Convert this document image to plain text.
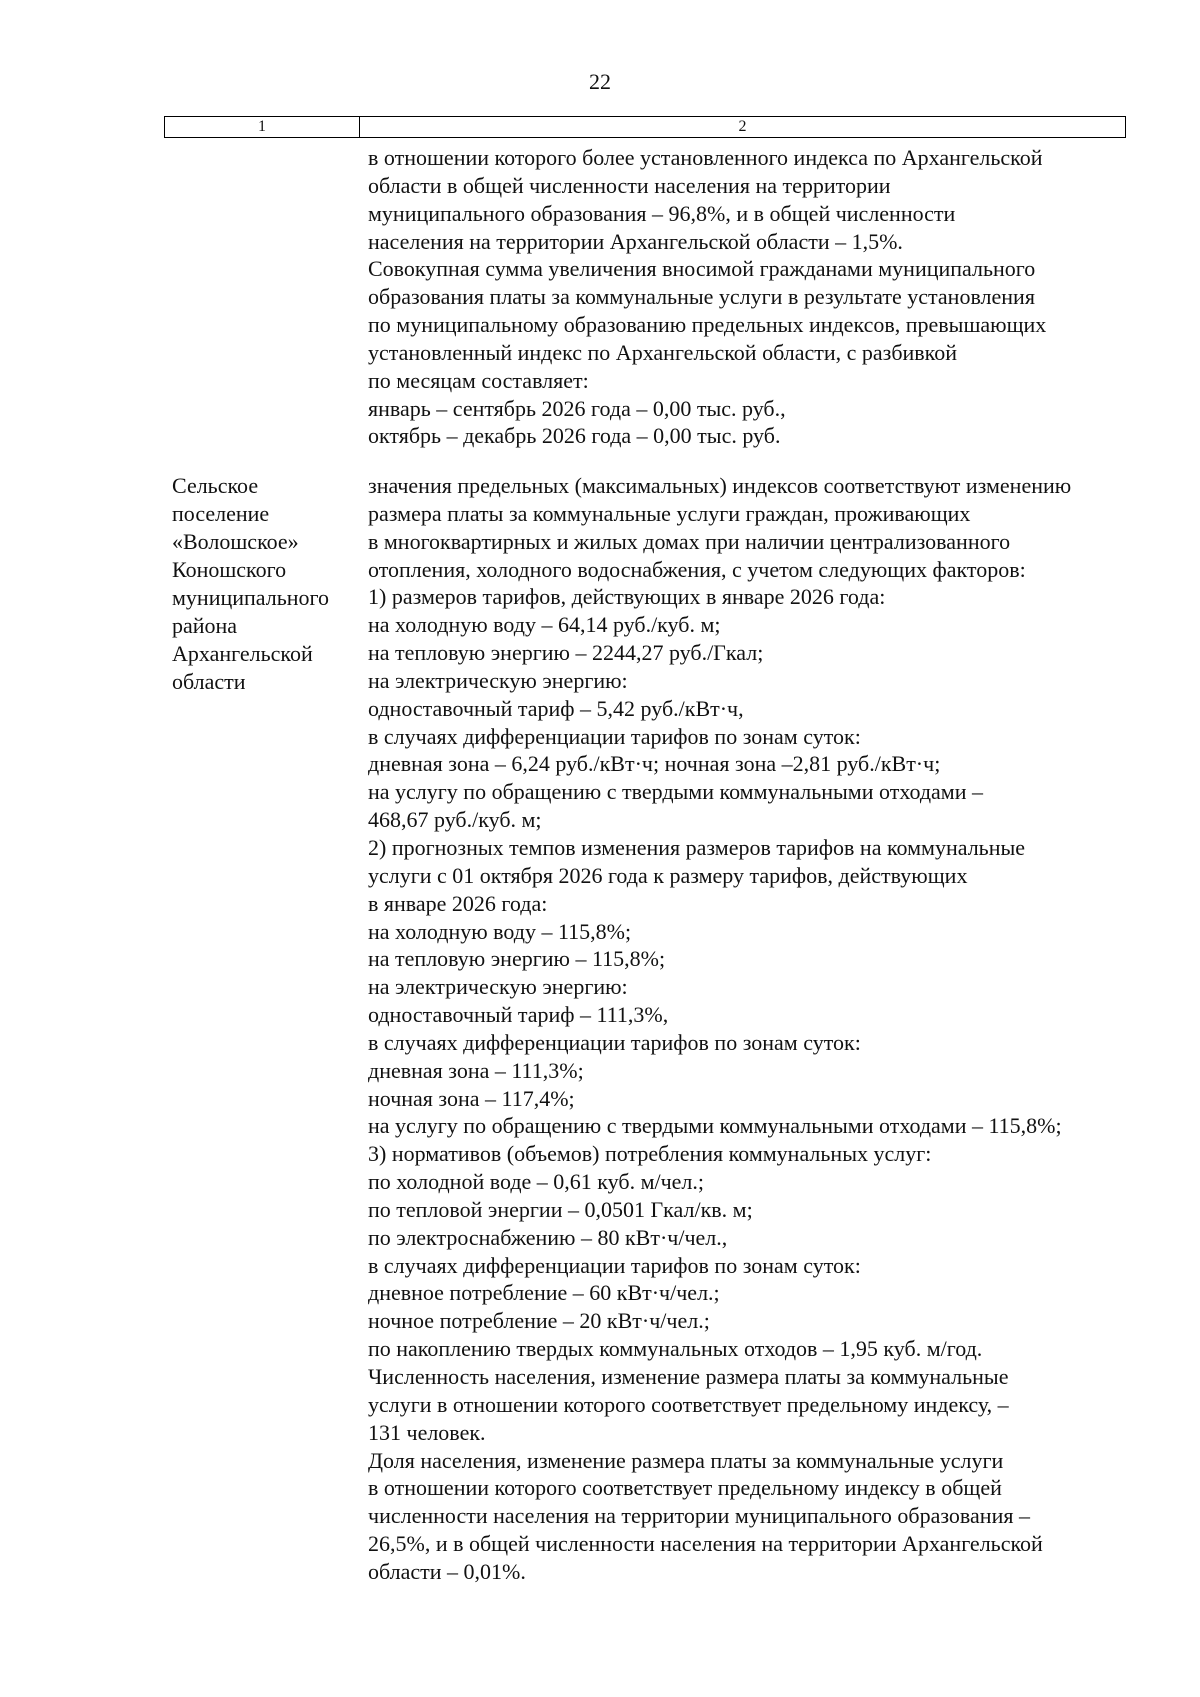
22
1	2
в отношении которого более установленного индекса по Архангельской
области в общей численности населения на территории
муниципального образования – 96,8%, и в общей численности
населения на территории Архангельской области – 1,5%.
Совокупная сумма увеличения вносимой гражданами муниципального
образования платы за коммунальные услуги в результате установления
по муниципальному образованию предельных индексов, превышающих
установленный индекс по Архангельской области, с разбивкой
по месяцам составляет:
январь – сентябрь 2026 года – 0,00 тыс. руб.,
октябрь – декабрь 2026 года – 0,00 тыс. руб.
Сельское
поселение
«Волошское»
Коношского
муниципального
района
Архангельской
области
значения предельных (максимальных) индексов соответствуют изменению
размера платы за коммунальные услуги граждан, проживающих
в многоквартирных и жилых домах при наличии централизованного
отопления, холодного водоснабжения, с учетом следующих факторов:
1) размеров тарифов, действующих в январе 2026 года:
на холодную воду – 64,14 руб./куб. м;
на тепловую энергию – 2244,27 руб./Гкал;
на электрическую энергию:
одноставочный тариф – 5,42 руб./кВт·ч,
в случаях дифференциации тарифов по зонам суток:
дневная зона – 6,24 руб./кВт·ч; ночная зона –2,81 руб./кВт·ч;
на услугу по обращению с твердыми коммунальными отходами –
468,67 руб./куб. м;
2) прогнозных темпов изменения размеров тарифов на коммунальные
услуги с 01 октября 2026 года к размеру тарифов, действующих
в январе 2026 года:
на холодную воду – 115,8%;
на тепловую энергию – 115,8%;
на электрическую энергию:
одноставочный тариф – 111,3%,
в случаях дифференциации тарифов по зонам суток:
дневная зона – 111,3%;
ночная зона – 117,4%;
на услугу по обращению с твердыми коммунальными отходами – 115,8%;
3) нормативов (объемов) потребления коммунальных услуг:
по холодной воде – 0,61 куб. м/чел.;
по тепловой энергии – 0,0501 Гкал/кв. м;
по электроснабжению – 80 кВт·ч/чел.,
в случаях дифференциации тарифов по зонам суток:
дневное потребление – 60 кВт·ч/чел.;
ночное потребление – 20 кВт·ч/чел.;
по накоплению твердых коммунальных отходов – 1,95 куб. м/год.
Численность населения, изменение размера платы за коммунальные
услуги в отношении которого соответствует предельному индексу, –
131 человек.
Доля населения, изменение размера платы за коммунальные услуги
в отношении которого соответствует предельному индексу в общей
численности населения на территории муниципального образования –
26,5%, и в общей численности населения на территории Архангельской
области – 0,01%.
